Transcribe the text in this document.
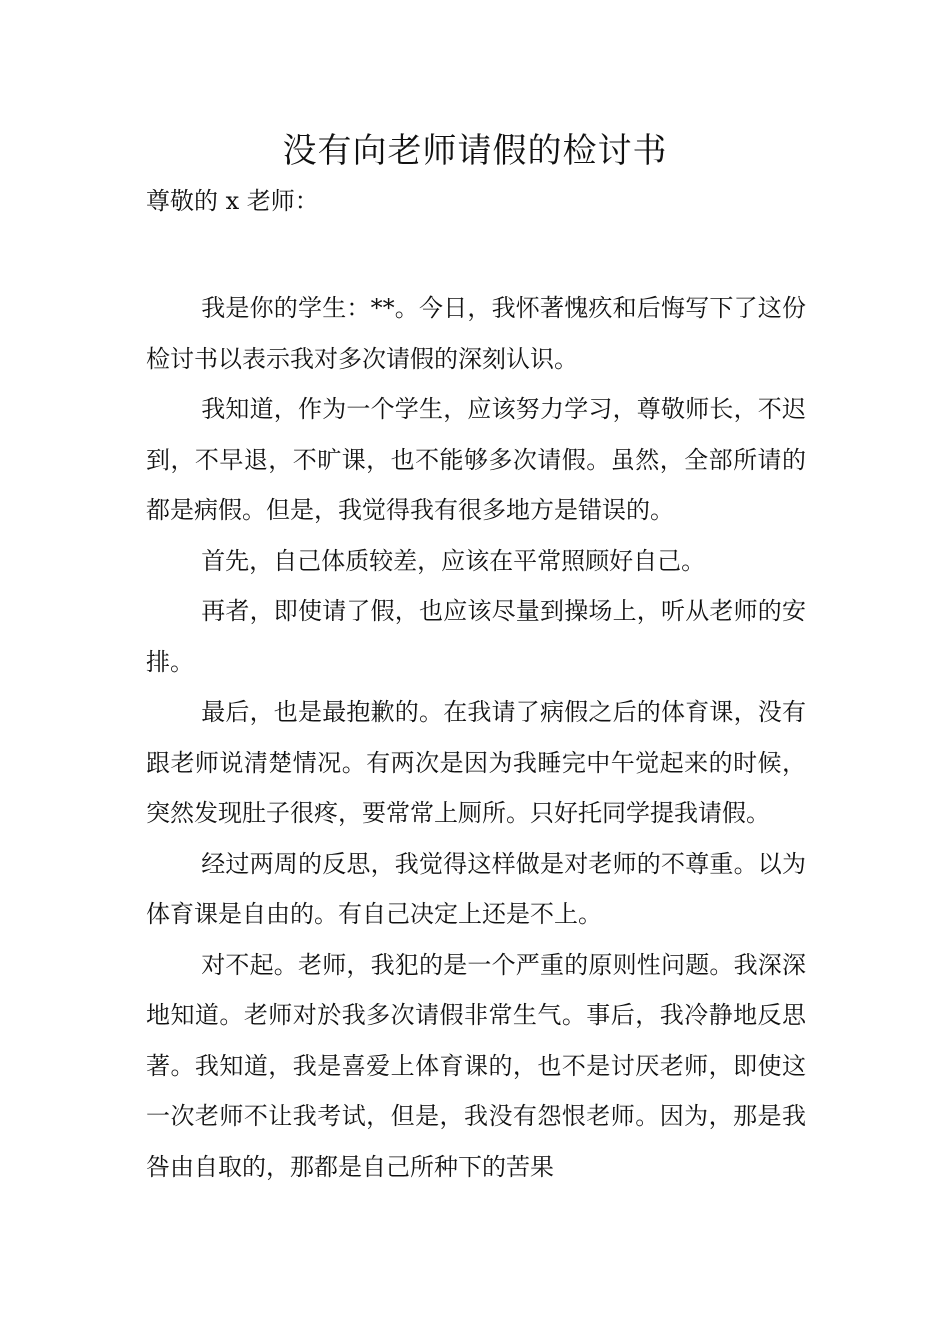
没有向老师请假的检讨书
尊敬的 x 老师：

我是你的学生：**。今日，我怀著愧疚和后悔写下了这份检讨书以表示我对多次请假的深刻认识。

我知道，作为一个学生，应该努力学习，尊敬师长，不迟到，不早退，不旷课，也不能够多次请假。虽然，全部所请的都是病假。但是，我觉得我有很多地方是错误的。

首先，自己体质较差，应该在平常照顾好自己。

再者，即使请了假，也应该尽量到操场上，听从老师的安排。

最后，也是最抱歉的。在我请了病假之后的体育课，没有跟老师说清楚情况。有两次是因为我睡完中午觉起来的时候，突然发现肚子很疼，要常常上厕所。只好托同学提我请假。

经过两周的反思，我觉得这样做是对老师的不尊重。以为体育课是自由的。有自己决定上还是不上。

对不起。老师，我犯的是一个严重的原则性问题。我深深地知道。老师对於我多次请假非常生气。事后，我冷静地反思著。我知道，我是喜爱上体育课的，也不是讨厌老师，即使这一次老师不让我考试，但是，我没有怨恨老师。因为，那是我咎由自取的，那都是自己所种下的苦果
